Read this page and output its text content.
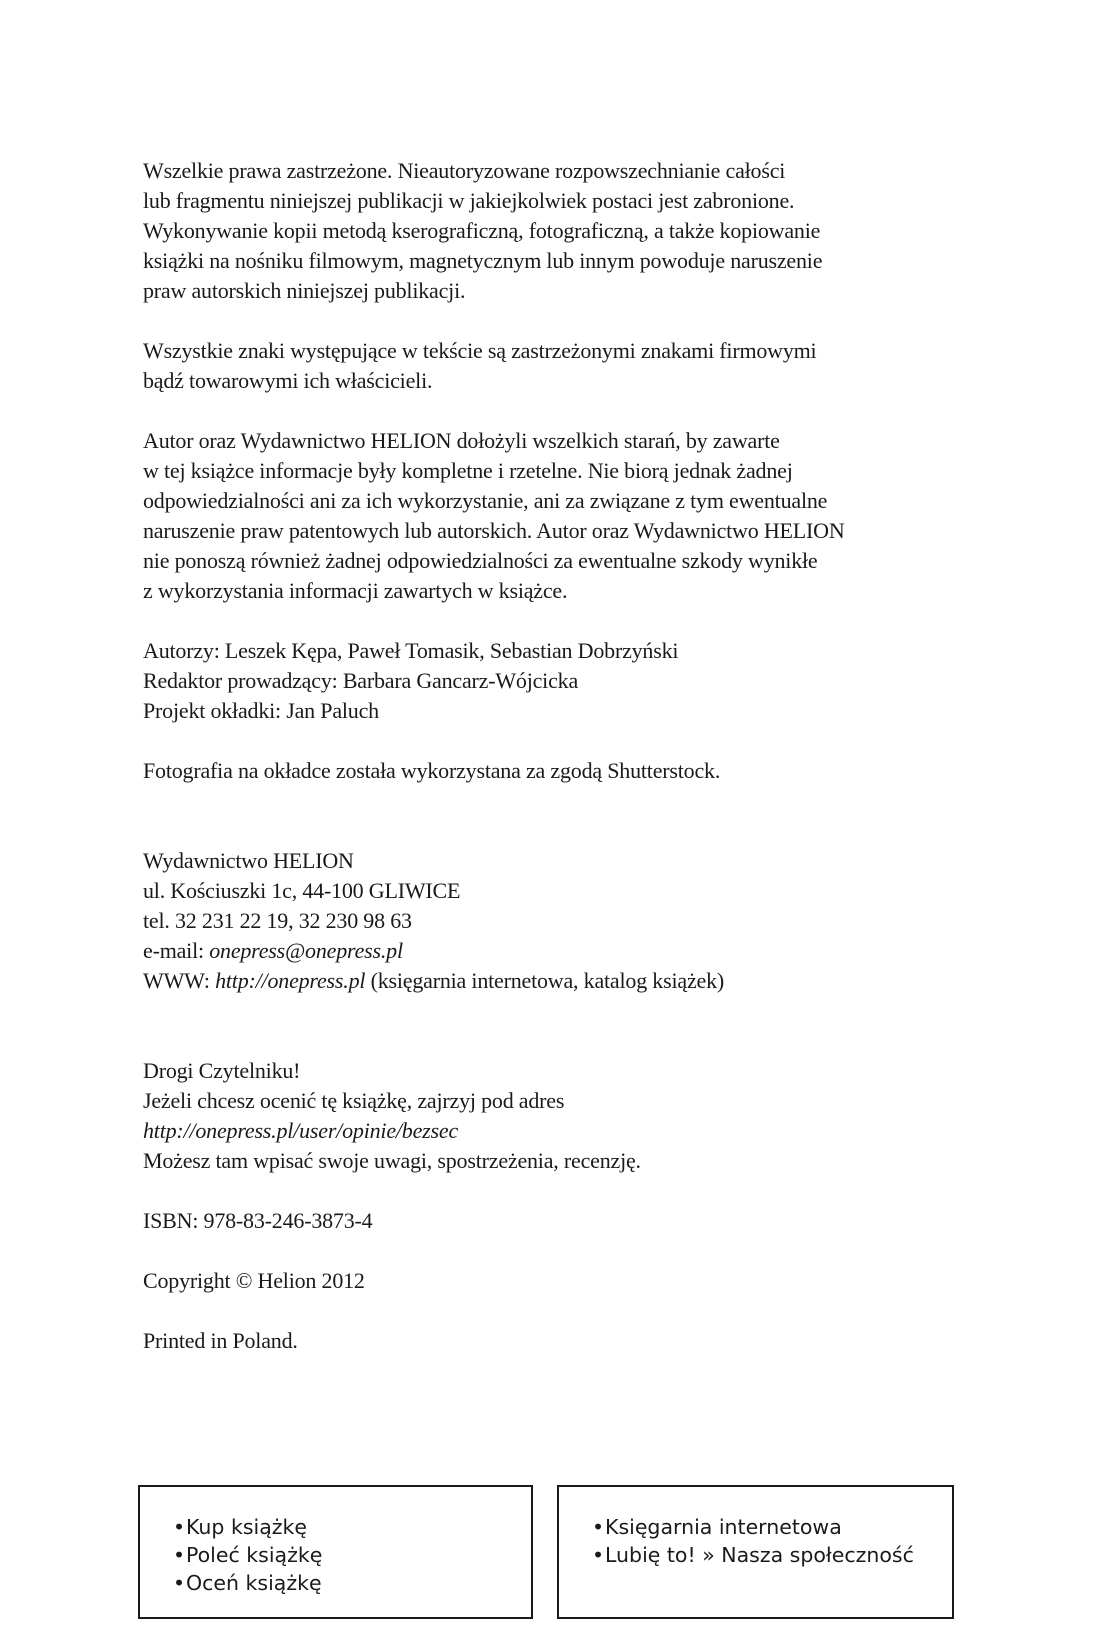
Wszelkie prawa zastrzeżone. Nieautoryzowane rozpowszechnianie całości
lub fragmentu niniejszej publikacji w jakiejkolwiek postaci jest zabronione.
Wykonywanie kopii metodą kserograficzną, fotograficzną, a także kopiowanie
książki na nośniku filmowym, magnetycznym lub innym powoduje naruszenie
praw autorskich niniejszej publikacji.

Wszystkie znaki występujące w tekście są zastrzeżonymi znakami firmowymi
bądź towarowymi ich właścicieli.

Autor oraz Wydawnictwo HELION dołożyli wszelkich starań, by zawarte
w tej książce informacje były kompletne i rzetelne. Nie biorą jednak żadnej
odpowiedzialności ani za ich wykorzystanie, ani za związane z tym ewentualne
naruszenie praw patentowych lub autorskich. Autor oraz Wydawnictwo HELION
nie ponoszą również żadnej odpowiedzialności za ewentualne szkody wynikłe
z wykorzystania informacji zawartych w książce.

Autorzy: Leszek Kępa, Paweł Tomasik, Sebastian Dobrzyński
Redaktor prowadzący: Barbara Gancarz-Wójcicka
Projekt okładki: Jan Paluch

Fotografia na okładce została wykorzystana za zgodą Shutterstock.

Wydawnictwo HELION
ul. Kościuszki 1c, 44-100 GLIWICE
tel. 32 231 22 19, 32 230 98 63
e-mail: onepress@onepress.pl
WWW: http://onepress.pl (księgarnia internetowa, katalog książek)

Drogi Czytelniku!
Jeżeli chcesz ocenić tę książkę, zajrzyj pod adres
http://onepress.pl/user/opinie/bezsec
Możesz tam wpisać swoje uwagi, spostrzeżenia, recenzję.

ISBN: 978-83-246-3873-4

Copyright © Helion 2012

Printed in Poland.

•Kup książkę
•Poleć książkę
•Oceń książkę
•Księgarnia internetowa
•Lubię to! » Nasza społeczność
